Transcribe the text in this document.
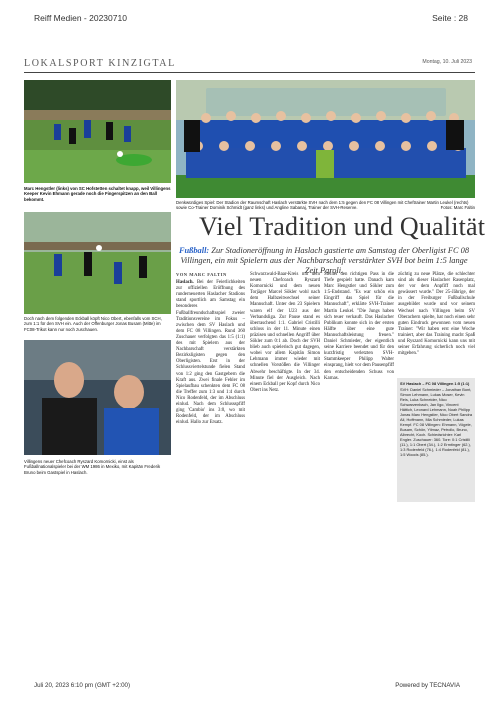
Reiff Medien - 20230710	Seite : 28
LOKALSPORT KINZIGTAL	Montag, 10. Juli 2023
Marc Hengstler (links) von SC Hofstetten schaltet knapp, weil Villingens Keeper Kevin Ehmann gerade noch die Fingerspitzen an den Ball bekommt.
Denkwürdiges Spiel: Der Stadion der Raumschaft Haslach verstärkte SVH nach dem 1:5 gegen den FC 08 Villingen mit Cheftrainer Martin Leukel (rechts) sowie Co-Trainer Dominik Schmidt (ganz links) und Angline Sabanaj, Trainer der SVH-Reserve.	Fotos: Marc Faltin
Doch nach dem folgenden Eckball köpft Nico Obert, ebenfalls vom SCH, zum 1:1 für den SVH ein. Auch der Offenburger Jonas Busam (Mitte) im FC08-Trikot kann nur noch zuschauen.
Villingens neuer Chefcoach Ryszard Komornicki, einst als Fußballnationalspieler bei der WM 1986 in Mexiko, mit Kapitän Frederik Bruno beim Gastspiel in Haslach.
Viel Tradition und Qualität
Fußball: Zur Stadioneröffnung in Haslach gastierte am Samstag der Oberligist FC 08 Villingen, ein mit Spielern aus der Nachbarschaft verstärkter SVH bot beim 1:5 lange Zeit Paroli.
VON MARC FALTIN
Haslach. Bei der Feierlichkeiten zur offiziellen Eröffnung des runderneuerten Haslacher Stadions stand sportlich am Samstag ein besonderes Fußballfreundschaftsspiel zweier Traditionsvereine im Fokus – zwischen dem SV Haslach und dem FC 08 Villingen. Rund 360 Zuschauer verfolgten das 1:5 (1:1) des mit Spielern aus der Nachbarschaft verstärkten Bezirksligisten gegen den Oberligisten. Erst in der Schlussviertelstunde fielen Stand von 1:2 ging den Gastgebern die Kraft aus. Zwei finale Fehler im Spielaufbau schenkten dem FC 08 die Treffer zum 1:3 und 1:4 durch Nico Rodenfeld, der im Abschluss einlud. Nach dem Schlussspfiff ging 'Cambio' ins 3:0, wo mit Rodenfeld, der im Abschluss einlud. Hallo zur Ersatz.
Schwarzwald-Baar-Kreis mit dem neuen Chefcoach Ryszard Komornicki und dem neuen Torjäger Marcel Sökler wohl nach dem Halbzeitwechsel seiner Mannschaft. Unter den 23 Spielern waren elf der U23 aus der Verbandsliga. Zur Pause stand es überraschend 1:1. Gabriel Cristilli schloss in der 11. Minute einen präzisen und schnellen Angriff über Sökler zum 0:1 ab. Doch der SVH blieb auch spielerisch gut dagegen, wobei vor allem Kapitän Simon Lehmann immer wieder mit schnellen Vorstößen die Villinger Abwehr beschäftigte. In der 34. Minute fiel der Ausgleich. Nach einem Eckball per Kopf durch Nico Obert ins Netz.
Steiner den richtigen Pass in die Tiefe gespielt hatte. Danach kam Marc Hengstler und Sökler zum 1:5-Endstand. "Es war schön ein Eingriff das Spiel für die Mannschaft", erklärte SVH-Trainer Martin Leukel. "Die Jungs haben sich teuer verkauft. Das Haslacher Publikum konnte sich in der ersten Hälfte über eine gute Mannschaftsleistung freuen." Daniel Schmieder, der eigentlich seine Karriere beendet und für den kurzfristig verletzten SVH-Stammkeeper Philipp Walter einsprang, hielt vor dem Pausenpfiff den entscheidenden Schuss von Karnas.
züchtig zu neue Plätze, die schlechter sind als dieser Haslacher Rasenplatz, der vor dem Anpfiff noch mal gewässert wurde." Der 25-Jährige, der in der Freiburger Fußballschule ausgebildet wurde und vor seinem Wechsel nach Villingen beim SV Oberachern spielte, hat noch einen sehr guten Eindruck gewonnen vom neuen Trainer: "Wir haben erst eine Woche trainiert, aber das Training macht Spaß und Ryszard Komornicki kann uns mit seiner Erfahrung sicherlich noch viel mitgeben."
SV Haslach – FC 08 Villingen 1:5 (1:1)
SVH: Daniel Schmieder – Jonathan Bont, Simon Lehmann, Lukas Moser, Kevin Reis, Luka Schneider, Nico Schwarzenbach, Jan Ilgo, Vincent Hättich, Leonard Lehmann, Noah Philipp Jonas Marc Hengstler, Nico Obert Sandra Ali, Hoffmann, Mia Schmieder, Lukas Kempf. FC 08 Villingen: Ehmann, Vögele, Busam, Schön, Yilmaz, Petrollo, Bruno, Albrecht, Koch. Schiedsrichter: Karl Engler. Zuschauer: 360. Tore: 0:1 Cristilli (11.), 1:1 Obert (34.), 1:2 Ermtinger (62.), 1:3 Rodenfeld (76.), 1:4 Rodenfeld (81.), 1:5 Woods (85.).
Juli 20, 2023 6:10 pm (GMT +2:00)	Powered by TECNAVIA
